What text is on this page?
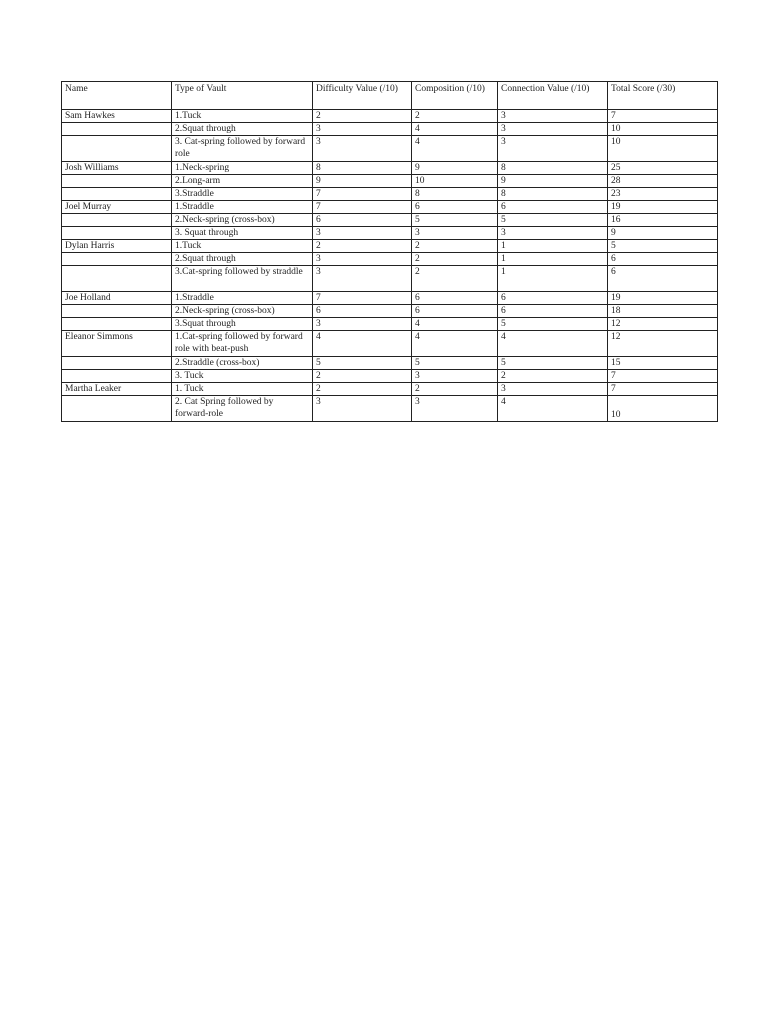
Name	Type of Vault	Difficulty Value (/10)	Composition (/10)	Connection Value (/10)	Total Score (/30)
Sam Hawkes	1.Tuck	2	2	3	7
	2.Squat through	3	4	3	10
	3. Cat-spring followed by forward role	3	4	3	10
Josh Williams	1.Neck-spring	8	9	8	25
	2.Long-arm	9	10	9	28
	3.Straddle	7	8	8	23
Joel Murray	1.Straddle	7	6	6	19
	2.Neck-spring (cross-box)	6	5	5	16
	3. Squat through	3	3	3	9
Dylan Harris	1.Tuck	2	2	1	5
	2.Squat through	3	2	1	6
	3.Cat-spring followed by straddle	3	2	1	6
Joe Holland	1.Straddle	7	6	6	19
	2.Neck-spring (cross-box)	6	6	6	18
	3.Squat through	3	4	5	12
Eleanor Simmons	1.Cat-spring followed by forward role with beat-push	4	4	4	12
	2.Straddle (cross-box)	5	5	5	15
	3. Tuck	2	3	2	7
Martha Leaker	1. Tuck	2	2	3	7
	2. Cat Spring followed by forward-role	3	3	4	10
